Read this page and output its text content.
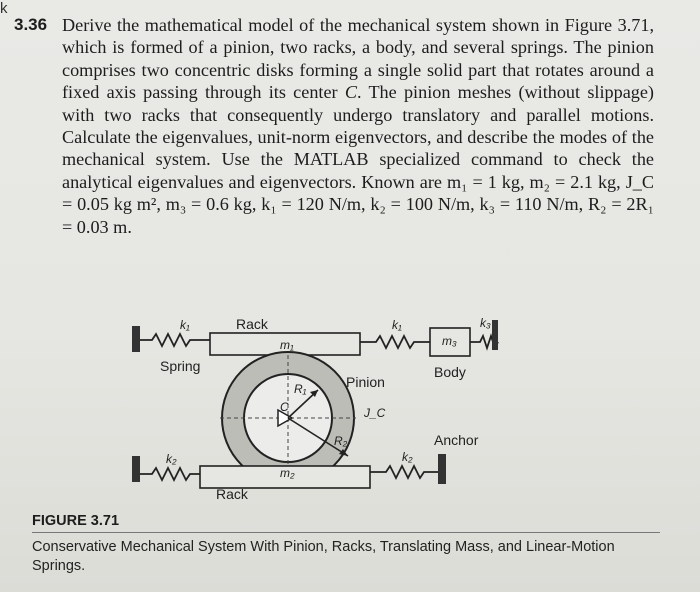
k
3.36 Derive the mathematical model of the mechanical system shown in Figure 3.71, which is formed of a pinion, two racks, a body, and several springs. The pinion comprises two concentric disks forming a single solid part that rotates around a fixed axis passing through its center C. The pinion meshes (without slippage) with two racks that consequently undergo translatory and parallel motions. Calculate the eigenvalues, unit-norm eigenvectors, and describe the modes of the mechanical system. Use the MATLAB specialized command to check the analytical eigenvalues and eigenvectors. Known are m₁ = 1 kg, m₂ = 2.1 kg, J_C = 0.05 kg m², m₃ = 0.6 kg, k₁ = 120 N/m, k₂ = 100 N/m, k₃ = 110 N/m, R₂ = 2R₁ = 0.03 m.
k₁	Rack
m₁
k₁
m₃
k₃
Spring	Body
Pinion
J_C
R₁
C
R₂	Anchor
k₂	k₂
m₂
Rack
FIGURE 3.71
Conservative Mechanical System With Pinion, Racks, Translating Mass, and Linear-Motion Springs.
